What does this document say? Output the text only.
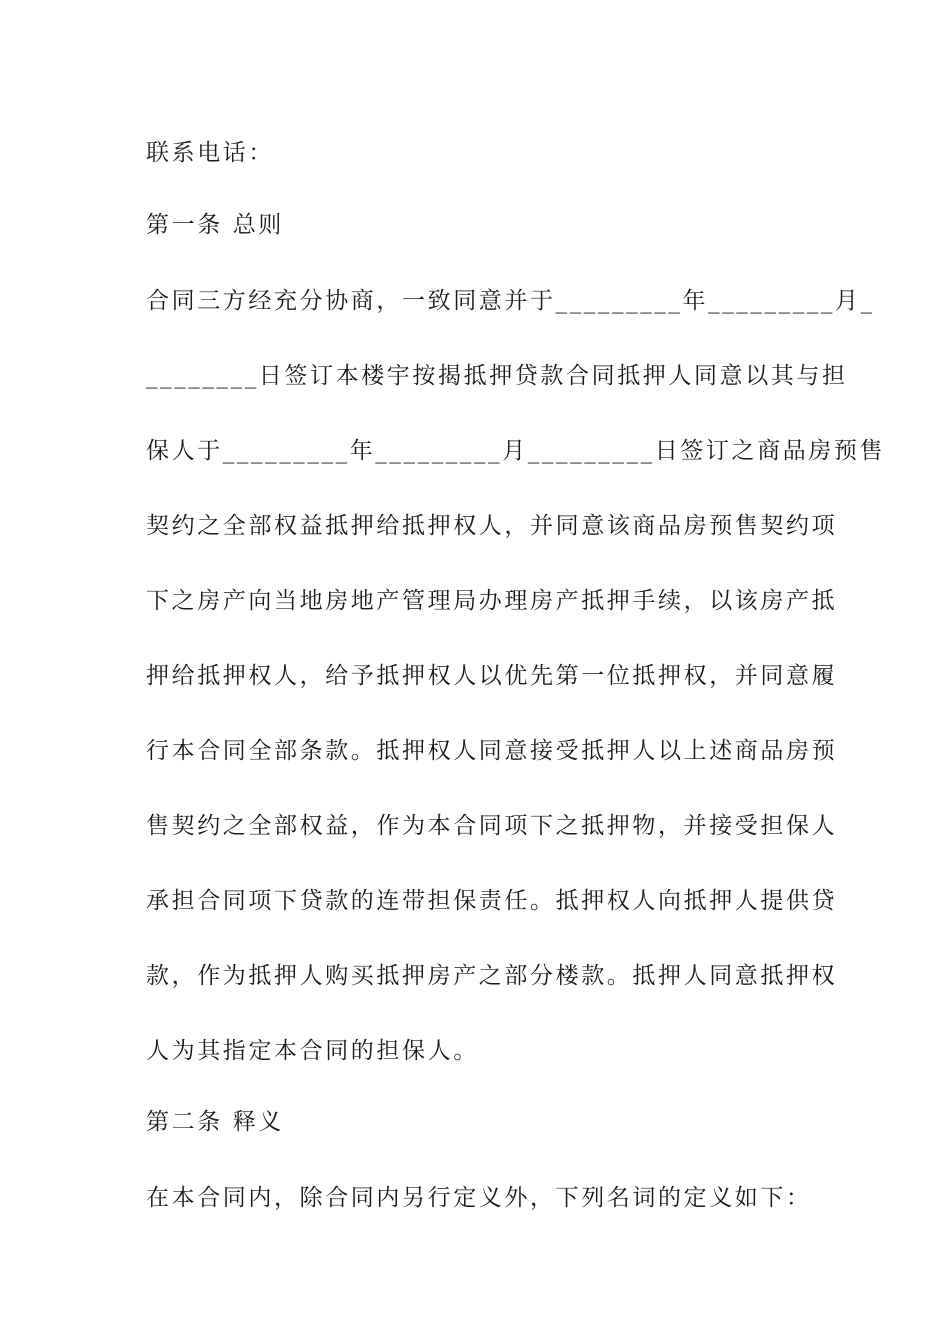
联系电话：
第一条 总则
合同三方经充分协商，一致同意并于_________年_________月_
________日签订本楼宇按揭抵押贷款合同抵押人同意以其与担
保人于_________年_________月_________日签订之商品房预售
契约之全部权益抵押给抵押权人，并同意该商品房预售契约项
下之房产向当地房地产管理局办理房产抵押手续，以该房产抵
押给抵押权人，给予抵押权人以优先第一位抵押权，并同意履
行本合同全部条款。抵押权人同意接受抵押人以上述商品房预
售契约之全部权益，作为本合同项下之抵押物，并接受担保人
承担合同项下贷款的连带担保责任。抵押权人向抵押人提供贷
款，作为抵押人购买抵押房产之部分楼款。抵押人同意抵押权
人为其指定本合同的担保人。
第二条 释义
在本合同内，除合同内另行定义外，下列名词的定义如下：
